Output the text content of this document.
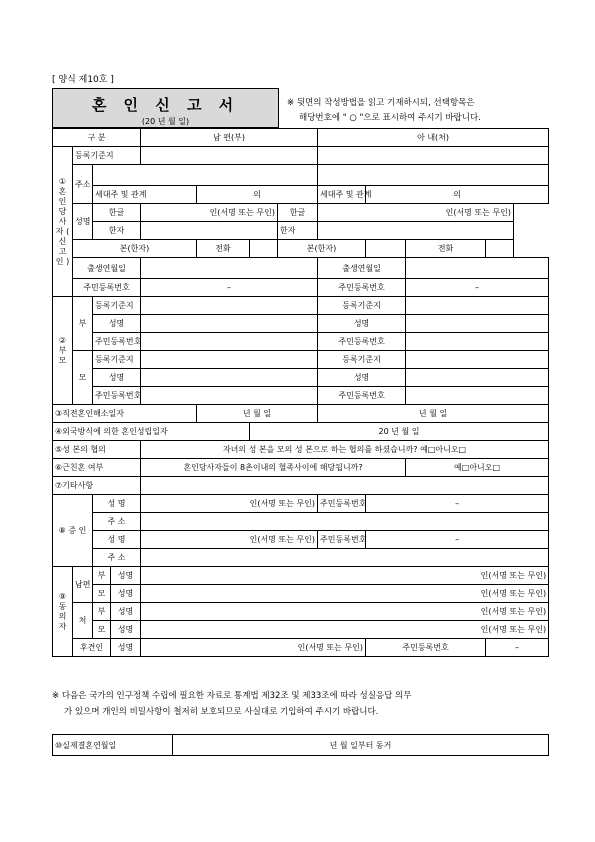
[ 양식 제10호 ]
혼 인 신 고 서
(20 년 월 일)
※ 뒷면의 작성방법을 읽고 기재하시되, 선택항목은
해당번호에 " ○ "으로 표시하여 주시기 바랍니다.
구 분				남 편(부)				아 내(처)			
① 혼 인 당 사 자 ( 신 고 인 )	등록기준지										
	주소										
		세대주 및 관계			의			세대주 및 관계	의		
	성명	한글		인(서명 또는 무인)			한글	인(서명 또는 무인)			
		한자					한자				
	본(한자)				전화		본(한자)			전화	
	출생연월일							출생연월일			
	주민등록번호			–				주민등록번호		–	
② 부 모	부	등록기준지						등록기준지			
		성명						성명			
		주민등록번호						주민등록번호			
	모	등록기준지						등록기준지			
		성명						성명			
		주민등록번호						주민등록번호			
③직전혼인해소일자					년 월 일			년 월 일			
④외국방식에 의한 혼인성립일자						20 년 월 일					
⑤성 본의 협의				자녀의 성 본을 모의 성 본으로 하는 협의를 하셨습니까? 예□아니오□							
⑥근친혼 여부				혼인당사자들이 8촌이내의 혈족사이에 해당됩니까?						예□아니오□	
⑦기타사항											
⑧ 증 인		성 명		인(서명 또는 무인)				주민등록번호	–		
		주 소									
		성 명		인(서명 또는 무인)				주민등록번호	–		
		주 소									
⑨ 동 의 자	남편	부	성명	인(서명 또는 무인)							
		모	성명	인(서명 또는 무인)							
	처	부	성명	인(서명 또는 무인)							
		모	성명	인(서명 또는 무인)							
	후견인		성명	인(서명 또는 무인)					주민등록번호		–
※ 다음은 국가의 인구정책 수립에 필요한 자료로 통계법 제32조 및 제33조에 따라 성실응답 의무
가 있으며 개인의 비밀사항이 철저히 보호되므로 사실대로 기입하여 주시기 바랍니다.
⑩실제결혼연월일	년 월 일부터 동거
